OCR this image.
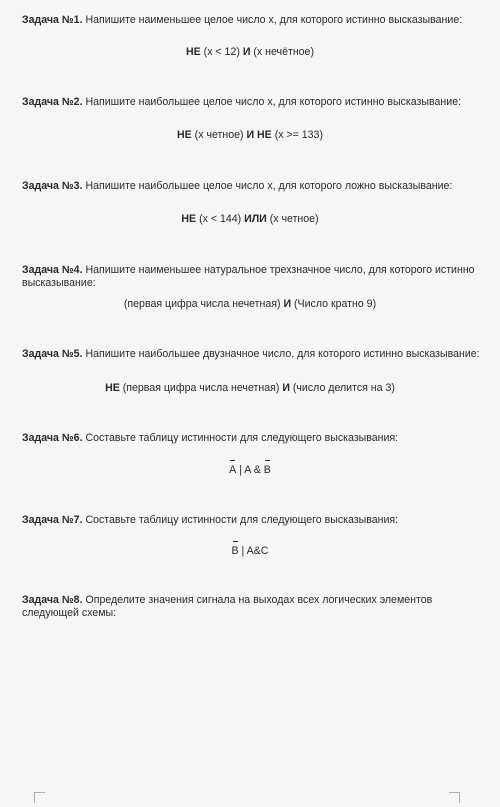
Задача №1. Напишите наименьшее целое число x, для которого истинно высказывание:
НЕ (x < 12) И (x нечётное)
Задача №2. Напишите наибольшее целое число x, для которого истинно высказывание:
НЕ (x четное) И НЕ (x >= 133)
Задача №3. Напишите наибольшее целое число x, для которого ложно высказывание:
НЕ (x < 144) ИЛИ (x четное)
Задача №4. Напишите наименьшее натуральное трехзначное число, для которого истинно высказывание:
(первая цифра числа нечетная) И (Число кратно 9)
Задача №5. Напишите наибольшее двузначное число, для которого истинно высказывание:
НЕ (первая цифра числа нечетная) И (число делится на 3)
Задача №6. Составьте таблицу истинности для следующего высказывания:
A | A & B
Задача №7. Составьте таблицу истинности для следующего высказывания:
B | A&C
Задача №8. Определите значения сигнала на выходах всех логических элементов следующей схемы:
